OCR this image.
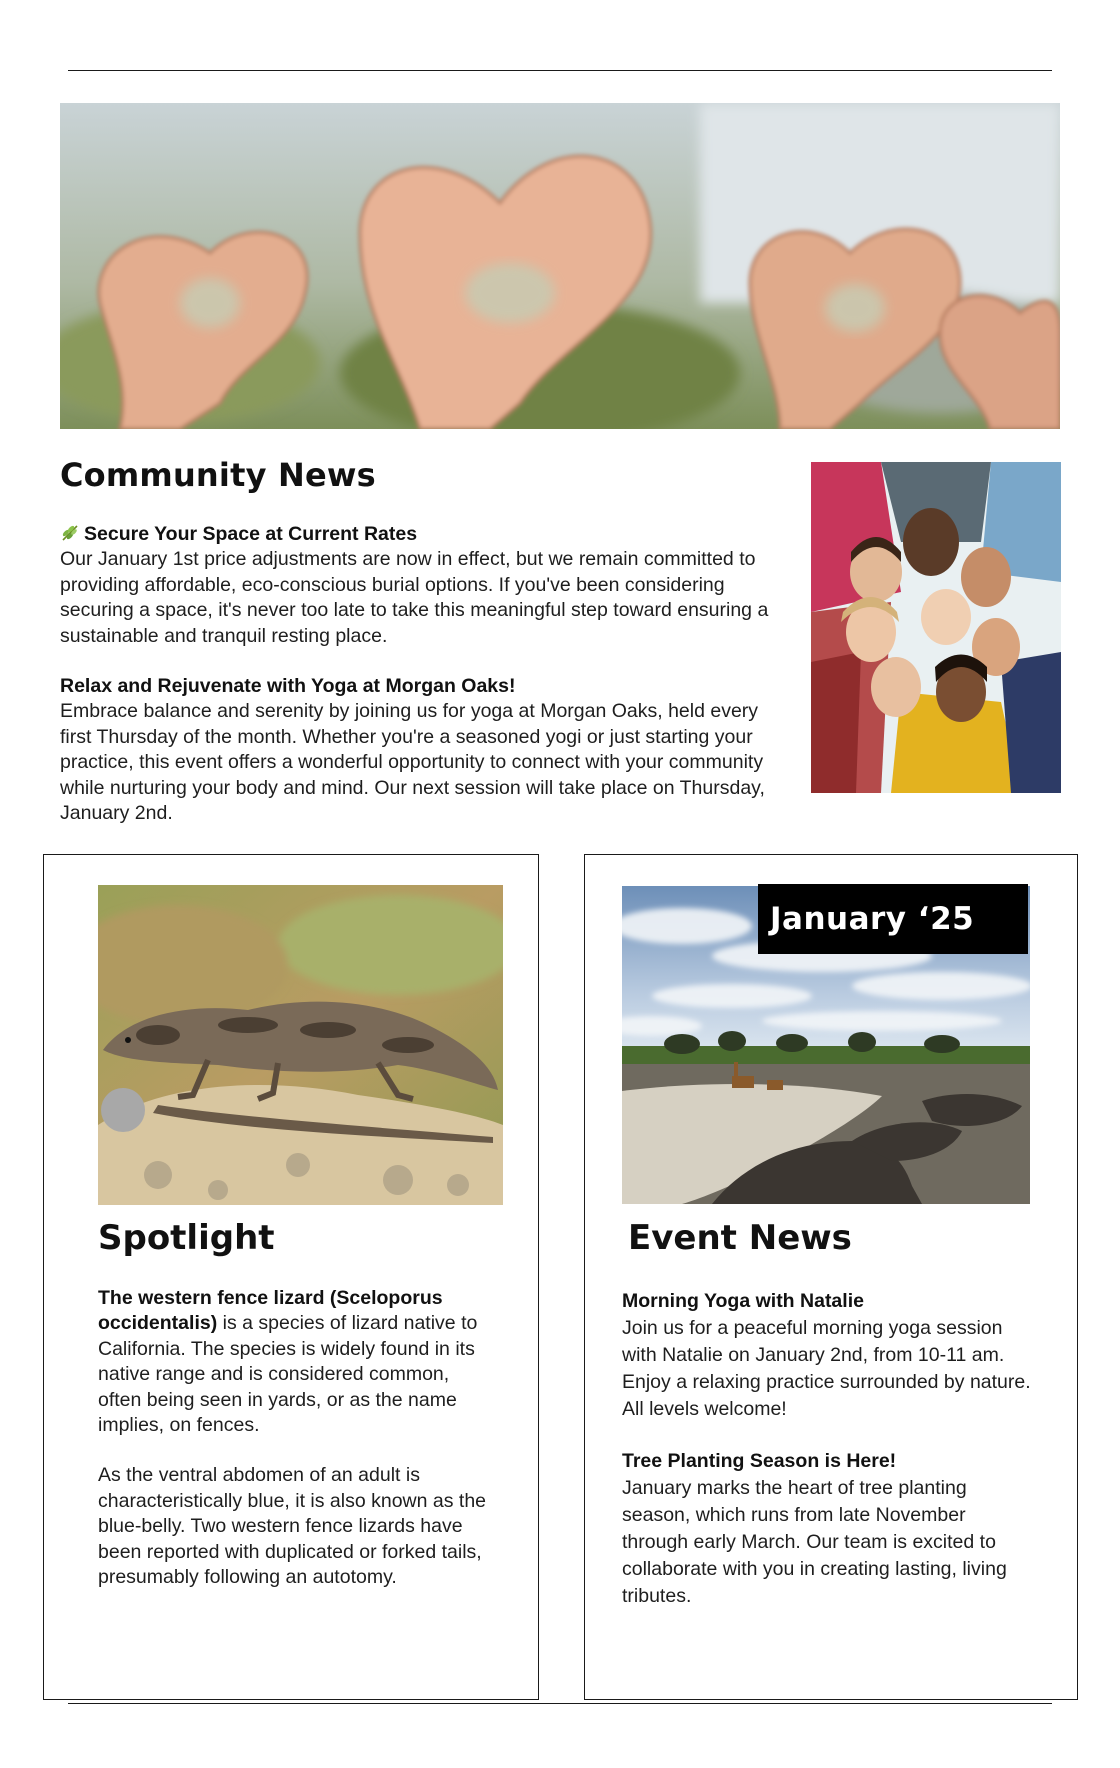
Community News

Secure Your Space at Current Rates

Our January 1st price adjustments are now in effect, but we remain committed to providing affordable, eco-conscious burial options. If you've been considering securing a space, it's never too late to take this meaningful step toward ensuring a sustainable and tranquil resting place.

Relax and Rejuvenate with Yoga at Morgan Oaks!

Embrace balance and serenity by joining us for yoga at Morgan Oaks, held every first Thursday of the month. Whether you're a seasoned yogi or just starting your practice, this event offers a wonderful opportunity to connect with your community while nurturing your body and mind. Our next session will take place on Thursday, January 2nd.

Spotlight

The western fence lizard (Sceloporus occidentalis) is a species of lizard native to California. The species is widely found in its native range and is considered common, often being seen in yards, or as the name implies, on fences.

As the ventral abdomen of an adult is characteristically blue, it is also known as the blue-belly. Two western fence lizards have been reported with duplicated or forked tails, presumably following an autotomy.

January ‘25
Event News

Morning Yoga with Natalie

Join us for a peaceful morning yoga session with Natalie on January 2nd, from 10-11 am. Enjoy a relaxing practice surrounded by nature. All levels welcome!

Tree Planting Season is Here!

January marks the heart of tree planting season, which runs from late November through early March. Our team is excited to collaborate with you in creating lasting, living tributes.
